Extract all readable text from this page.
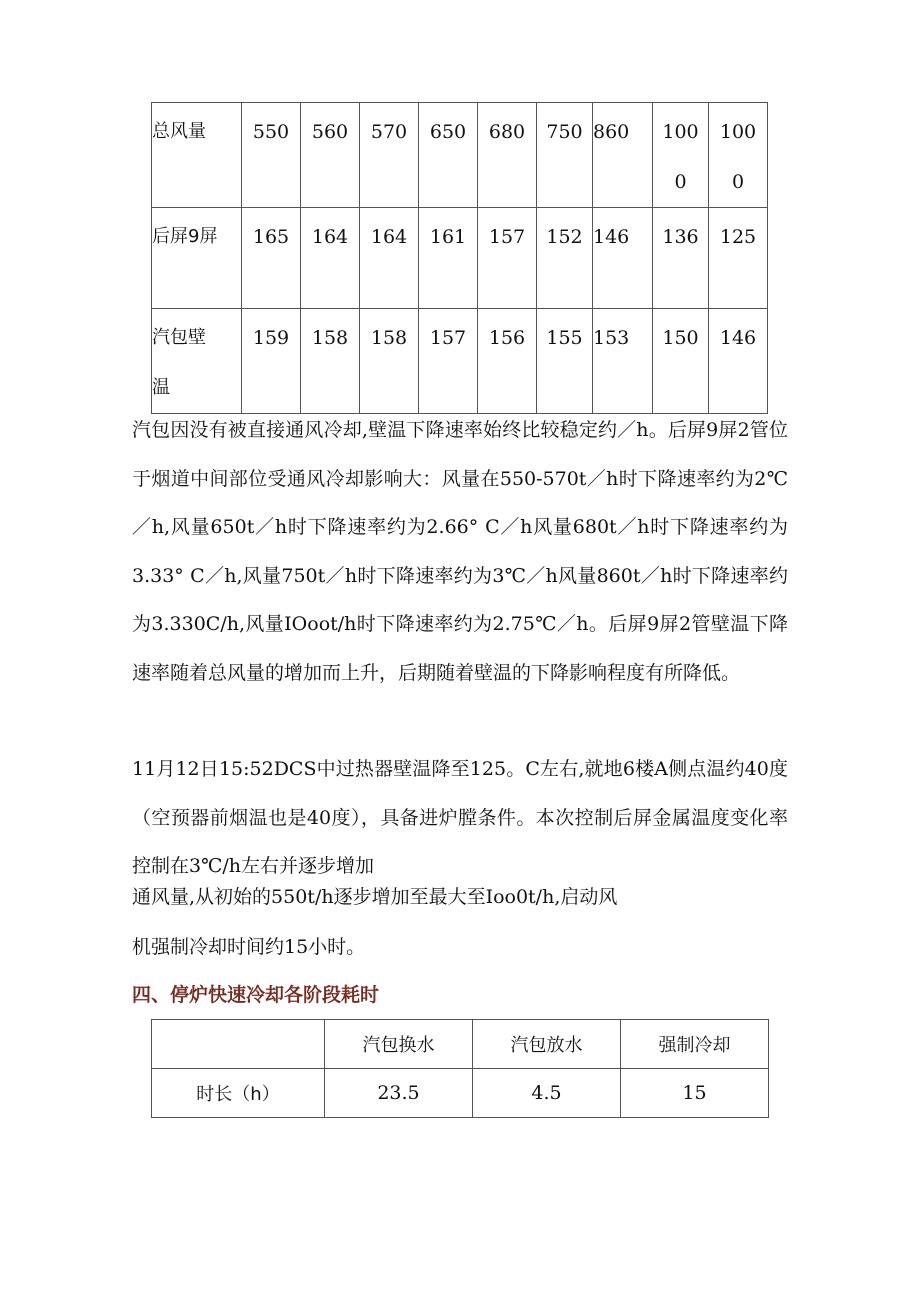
总风量	550	560	570	650	680	750	860	1000	1000
后屏9屏	165	164	164	161	157	152	146	136	125
汽包壁温	159	158	158	157	156	155	153	150	146

汽包因没有被直接通风冷却,壁温下降速率始终比较稳定约／h。后屏9屏2管位于烟道中间部位受通风冷却影响大：风量在550-570t／h时下降速率约为2℃／h,风量650t／h时下降速率约为2.66° C／h风量680t／h时下降速率约为3.33° C／h,风量750t／h时下降速率约为3℃／h风量860t／h时下降速率约为3.330C/h,风量IOoot/h时下降速率约为2.75℃／h。后屏9屏2管壁温下降速率随着总风量的增加而上升，后期随着壁温的下降影响程度有所降低。

11月12日15:52DCS中过热器壁温降至125。C左右,就地6楼A侧点温约40度（空预器前烟温也是40度），具备进炉膛条件。本次控制后屏金属温度变化率控制在3℃/h左右并逐步增加

通风量,从初始的550t/h逐步增加至最大至Ioo0t/h,启动风

机强制冷却时间约15小时。

四、停炉快速冷却各阶段耗时
	汽包换水	汽包放水	强制冷却
时长（h）	23.5	4.5	15
